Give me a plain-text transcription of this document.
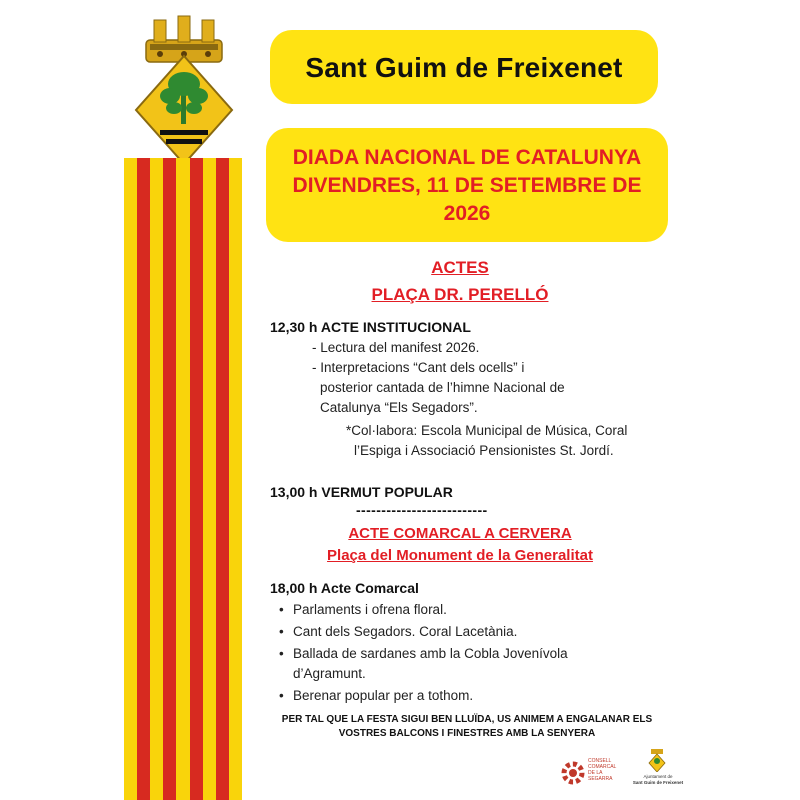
Sant Guim de Freixenet
DIADA NACIONAL DE CATALUNYA
DIVENDRES, 11 DE SETEMBRE DE
2026
ACTES
PLAÇA DR. PERELLÓ
12,30 h ACTE INSTITUCIONAL
- Lectura del manifest 2026.
- Interpretacions “Cant dels ocells” i
posterior cantada de l’himne Nacional de
Catalunya “Els Segadors”.
*Col·labora: Escola Municipal de Música, Coral
l’Espiga i Associació Pensionistes St. Jordí.
13,00 h VERMUT POPULAR
--------------------------
ACTE COMARCAL A CERVERA
Plaça del Monument de la Generalitat
18,00 h Acte Comarcal
• Parlaments i ofrena floral.
• Cant dels Segadors. Coral Lacetània.
• Ballada de sardanes amb la Cobla Jovenívola
d’Agramunt.
• Berenar popular per a tothom.
PER TAL QUE LA FESTA SIGUI BEN LLUÏDA, US ANIMEM A ENGALANAR ELS
VOSTRES BALCONS I FINESTRES AMB LA SENYERA
CONSELL
COMARCAL
DE LA
SEGARRA	Ajuntament de
Sant Guim de Freixenet
